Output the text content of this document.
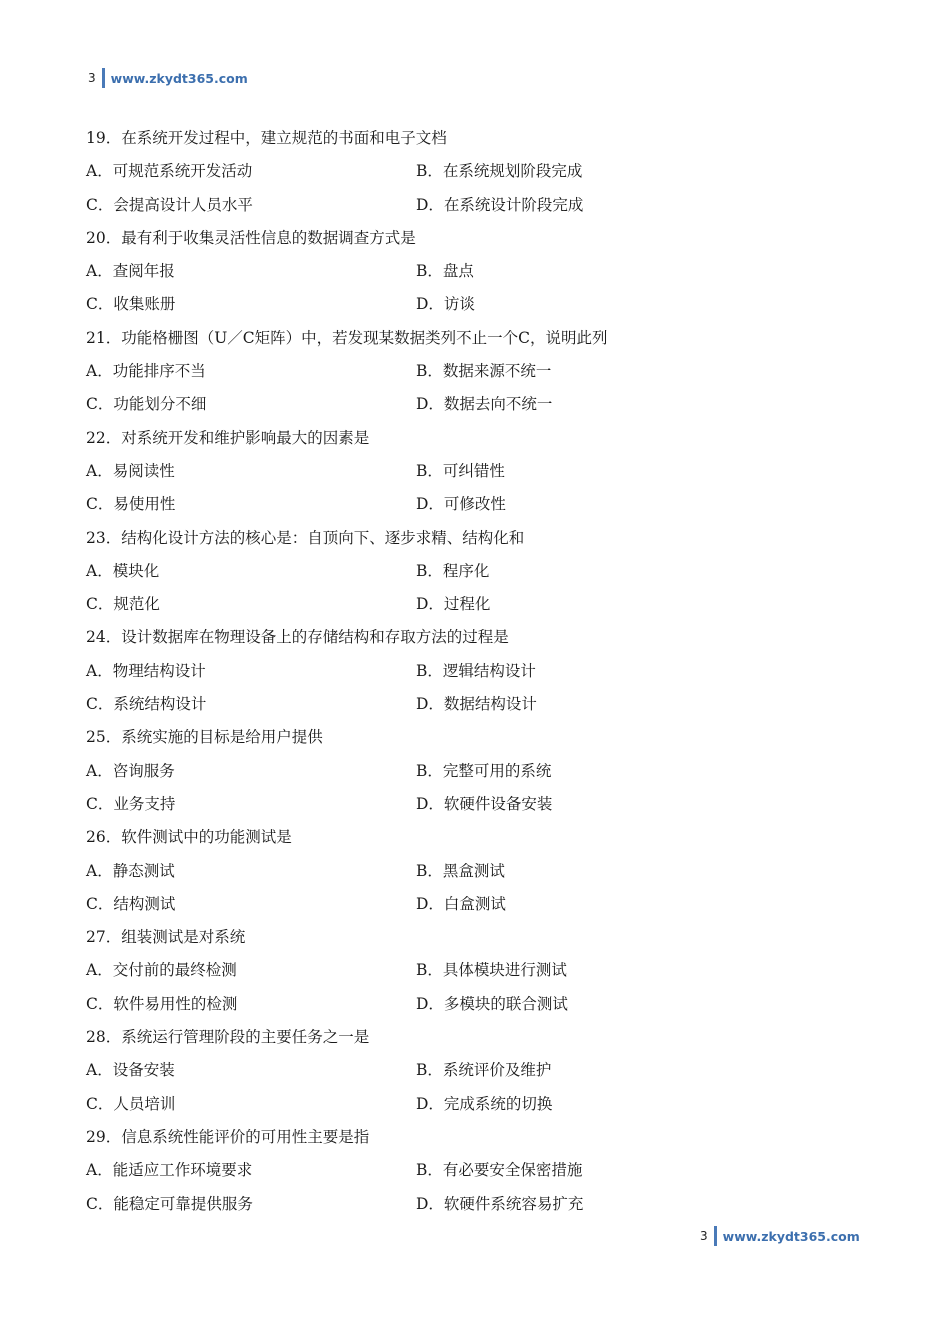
3 www.zkydt365.com
19．在系统开发过程中，建立规范的书面和电子文档
A．可规范系统开发活动	B．在系统规划阶段完成
C．会提高设计人员水平	D．在系统设计阶段完成
20．最有利于收集灵活性信息的数据调查方式是
A．查阅年报	B．盘点
C．收集账册	D．访谈
21．功能格栅图（U／C矩阵）中，若发现某数据类列不止一个C，说明此列
A．功能排序不当	B．数据来源不统一
C．功能划分不细	D．数据去向不统一
22．对系统开发和维护影响最大的因素是
A．易阅读性	B．可纠错性
C．易使用性	D．可修改性
23．结构化设计方法的核心是：自顶向下、逐步求精、结构化和
A．模块化	B．程序化
C．规范化	D．过程化
24．设计数据库在物理设备上的存储结构和存取方法的过程是
A．物理结构设计	B．逻辑结构设计
C．系统结构设计	D．数据结构设计
25．系统实施的目标是给用户提供
A．咨询服务	B．完整可用的系统
C．业务支持	D．软硬件设备安装
26．软件测试中的功能测试是
A．静态测试	B．黑盒测试
C．结构测试	D．白盒测试
27．组装测试是对系统
A．交付前的最终检测	B．具体模块进行测试
C．软件易用性的检测	D．多模块的联合测试
28．系统运行管理阶段的主要任务之一是
A．设备安装	B．系统评价及维护
C．人员培训	D．完成系统的切换
29．信息系统性能评价的可用性主要是指
A．能适应工作环境要求	B．有必要安全保密措施
C．能稳定可靠提供服务	D．软硬件系统容易扩充
3 www.zkydt365.com
